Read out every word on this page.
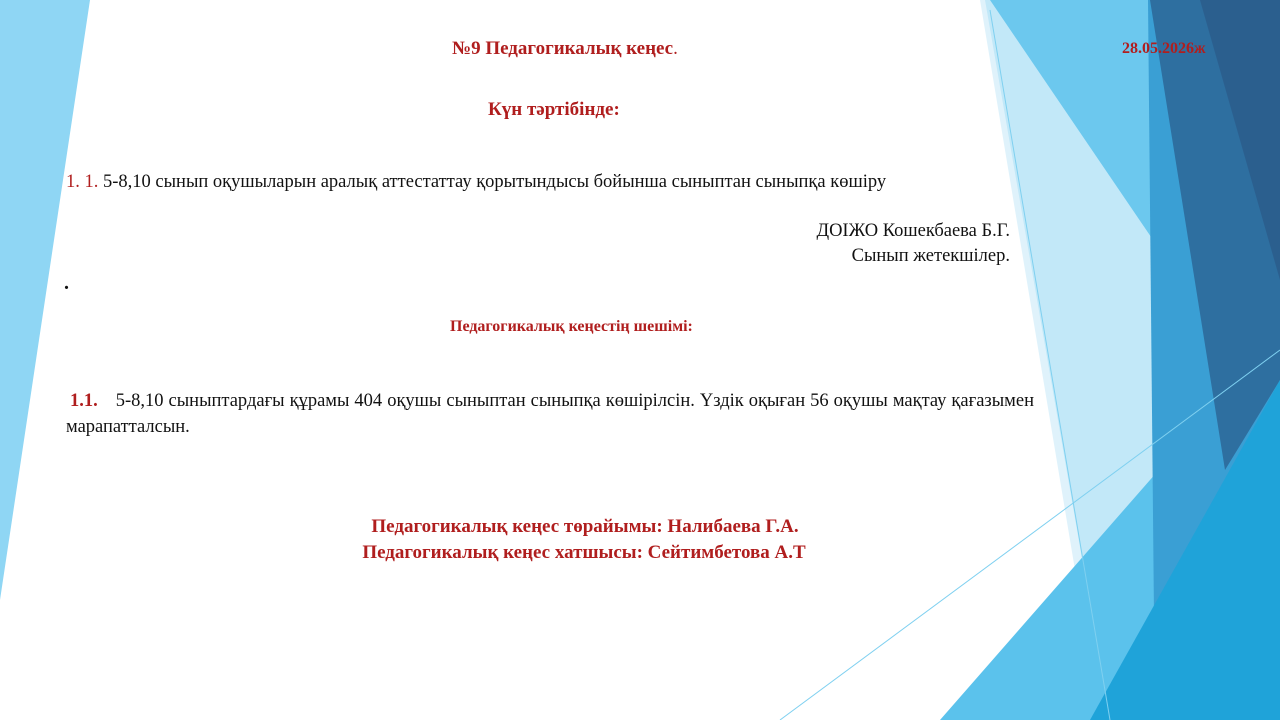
№9 Педагогикалық кеңес.	28.05.2026ж

Күн тәртібінде:

1. 1. 5-8,10 сынып оқушыларын аралық аттестаттау қорытындысы бойынша сыныптан сыныпқа көшіру

ДОІЖО Кошекбаева Б.Г.

Сынып жетекшілер.

.

Педагогикалық кеңестің шешімі:

1.1. 5-8,10 сыныптардағы құрамы 404 оқушы сыныптан сыныпқа көшірілсін. Үздік оқыған 56 оқушы мақтау қағазымен марапатталсын.

Педагогикалық кеңес төрайымы: Налибаева Г.А.

Педагогикалық кеңес хатшысы: Сейтимбетова А.Т
